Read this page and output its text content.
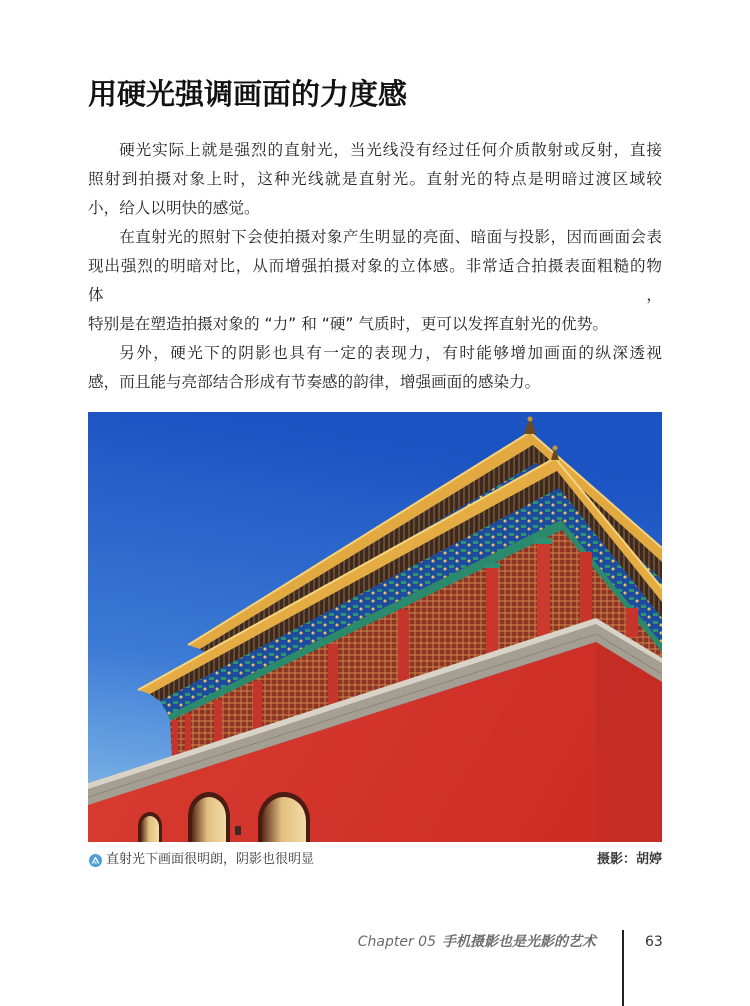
用硬光强调画面的力度感
硬光实际上就是强烈的直射光，当光线没有经过任何介质散射或反射，直接
照射到拍摄对象上时，这种光线就是直射光。直射光的特点是明暗过渡区域较
小，给人以明快的感觉。
在直射光的照射下会使拍摄对象产生明显的亮面、暗面与投影，因而画面会表
现出强烈的明暗对比，从而增强拍摄对象的立体感。非常适合拍摄表面粗糙的物体，
特别是在塑造拍摄对象的 “力” 和 “硬” 气质时，更可以发挥直射光的优势。
另外，硬光下的阴影也具有一定的表现力，有时能够增加画面的纵深透视
感，而且能与亮部结合形成有节奏感的韵律，增强画面的感染力。
直射光下画面很明朗，阴影也很明显	摄影：胡婷
Chapter 05 手机摄影也是光影的艺术	63
